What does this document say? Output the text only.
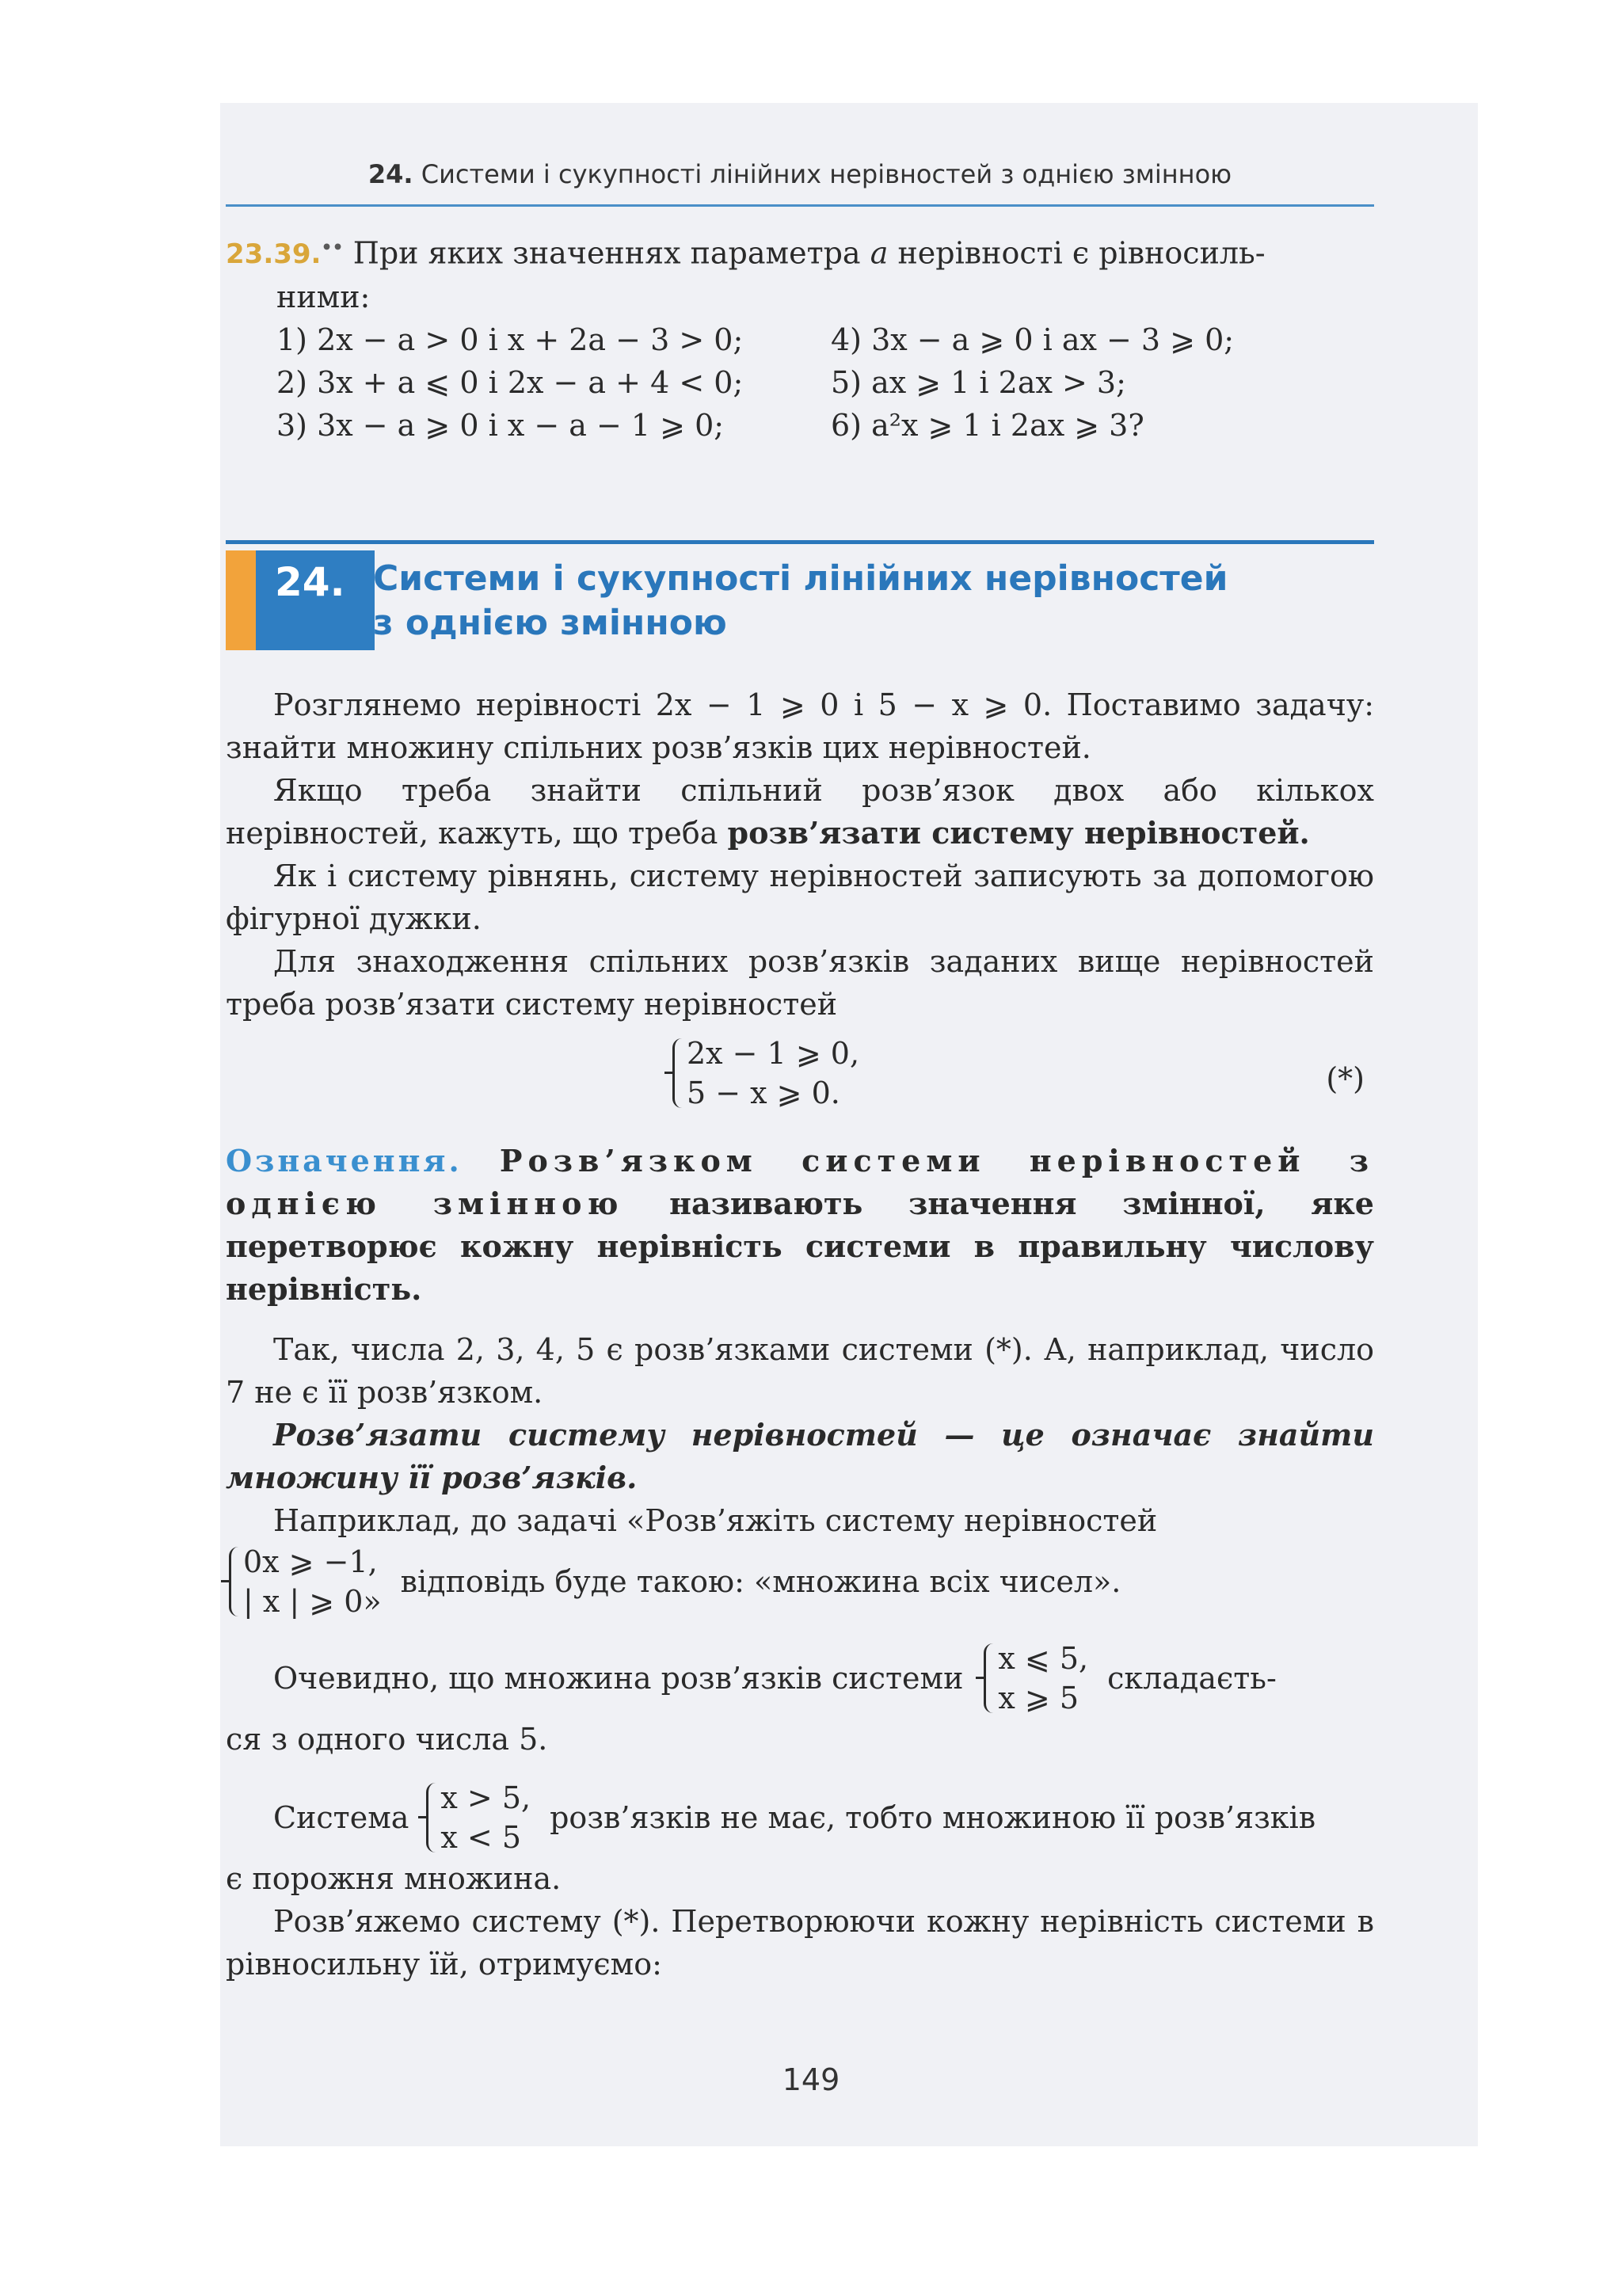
24. Системи і сукупності лінійних нерівностей з однією змінною
23.39.•• При яких значеннях параметра a нерівності є рівносиль-
ними:
1) 2x − a > 0 і x + 2a − 3 > 0;	4) 3x − a ⩾ 0 і ax − 3 ⩾ 0;
2) 3x + a ⩽ 0 і 2x − a + 4 < 0;	5) ax ⩾ 1 і 2ax > 3;
3) 3x − a ⩾ 0 і x − a − 1 ⩾ 0;	6) a²x ⩾ 1 і 2ax ⩾ 3?
24. Системи і сукупності лінійних нерівностей
з однією змінною

Розглянемо нерівності 2x − 1 ⩾ 0 і 5 − x ⩾ 0. Поставимо задачу: знайти множину спільних розв’язків цих нерівностей.

Якщо треба знайти спільний розв’язок двох або кількох нерівностей, кажуть, що треба розв’язати систему нерівностей.

Як і систему рівнянь, систему нерівностей записують за допомогою фігурної дужки.

Для знаходження спільних розв’язків заданих вище нерівностей треба розв’язати систему нерівностей

2x − 1 ⩾ 0,
5 − x ⩾ 0.	(*)

Означення. Розв’язком системи нерівностей з однією змінною називають значення змінної, яке перетворює кожну нерівність системи в правильну числову нерівність.

Так, числа 2, 3, 4, 5 є розв’язками системи (*). А, наприклад, число 7 не є її розв’язком.

Розв’язати систему нерівностей — це означає знайти множину її розв’язків.

Наприклад, до задачі «Розв’яжіть систему нерівностей

0x ⩾ −1,
| x | ⩾ 0»
відповідь буде такою: «множина всіх чисел».
Очевидно, що множина розв’язків системи
x ⩽ 5,
x ⩾ 5
складаєть-

ся з одного числа 5.

Система
x > 5,
x < 5
розв’язків не має, тобто множиною її розв’язків

є порожня множина.

Розв’яжемо систему (*). Перетворюючи кожну нерівність системи в рівносильну їй, отримуємо:

149
